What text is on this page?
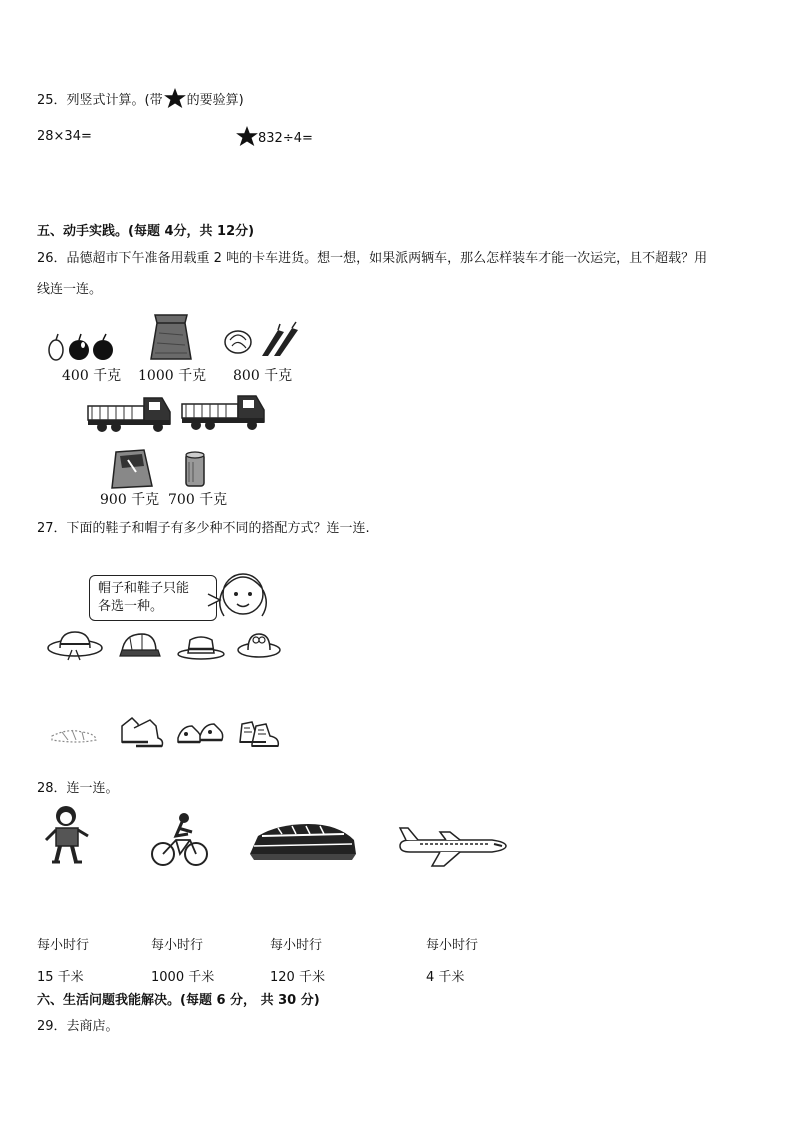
25．列竖式计算。(带 的要验算)
28×34=	832÷4=
五、动手实践。(每题 4分，共 12分)
26．品德超市下午准备用载重 2 吨的卡车进货。想一想，如果派两辆车，那么怎样装车才能一次运完，且不超载？用
线连一连。
400 千克 1000 千克 800 千克
900 千克 700 千克
27．下面的鞋子和帽子有多少种不同的搭配方式？连一连.
帽子和鞋子只能
各选一种。
28．连一连。
每小时行	每小时行	每小时行	每小时行
15 千米	1000 千米	120 千米	4 千米
六、生活问题我能解决。(每题 6 分， 共 30 分)
29．去商店。
